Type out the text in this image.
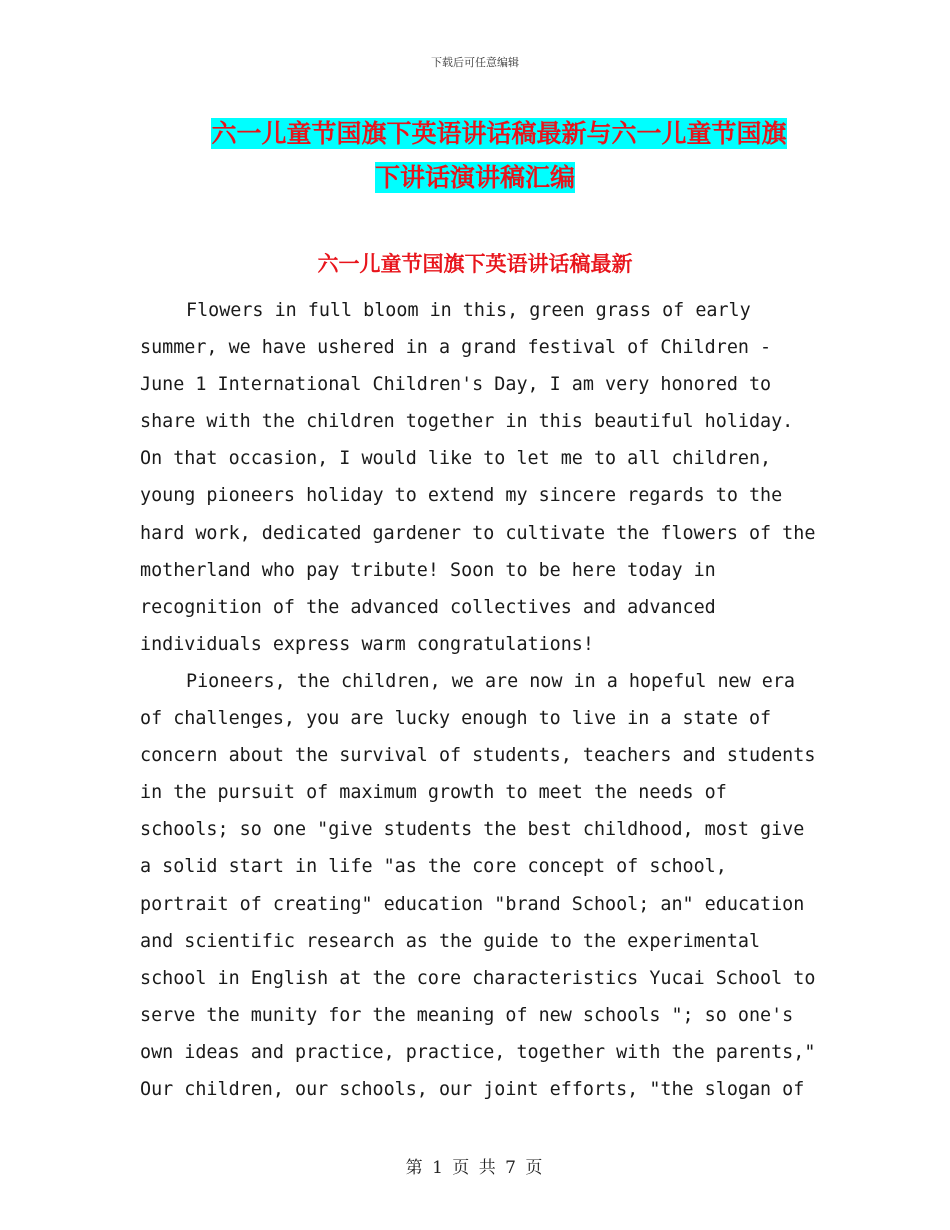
下载后可任意编辑
六一儿童节国旗下英语讲话稿最新与六一儿童节国旗
下讲话演讲稿汇编
六一儿童节国旗下英语讲话稿最新
Flowers in full bloom in this, green grass of early
summer, we have ushered in a grand festival of Children -
June 1 International Children's Day, I am very honored to
share with the children together in this beautiful holiday.
On that occasion, I would like to let me to all children,
young pioneers holiday to extend my sincere regards to the
hard work, dedicated gardener to cultivate the flowers of the
motherland who pay tribute! Soon to be here today in
recognition of the advanced collectives and advanced
individuals express warm congratulations!
Pioneers, the children, we are now in a hopeful new era
of challenges, you are lucky enough to live in a state of
concern about the survival of students, teachers and students
in the pursuit of maximum growth to meet the needs of
schools; so one "give students the best childhood, most give
a solid start in life "as the core concept of school,
portrait of creating" education "brand School; an" education
and scientific research as the guide to the experimental
school in English at the core characteristics Yucai School to
serve the munity for the meaning of new schools "; so one's
own ideas and practice, practice, together with the parents,"
Our children, our schools, our joint efforts, "the slogan of
第 1 页 共 7 页
